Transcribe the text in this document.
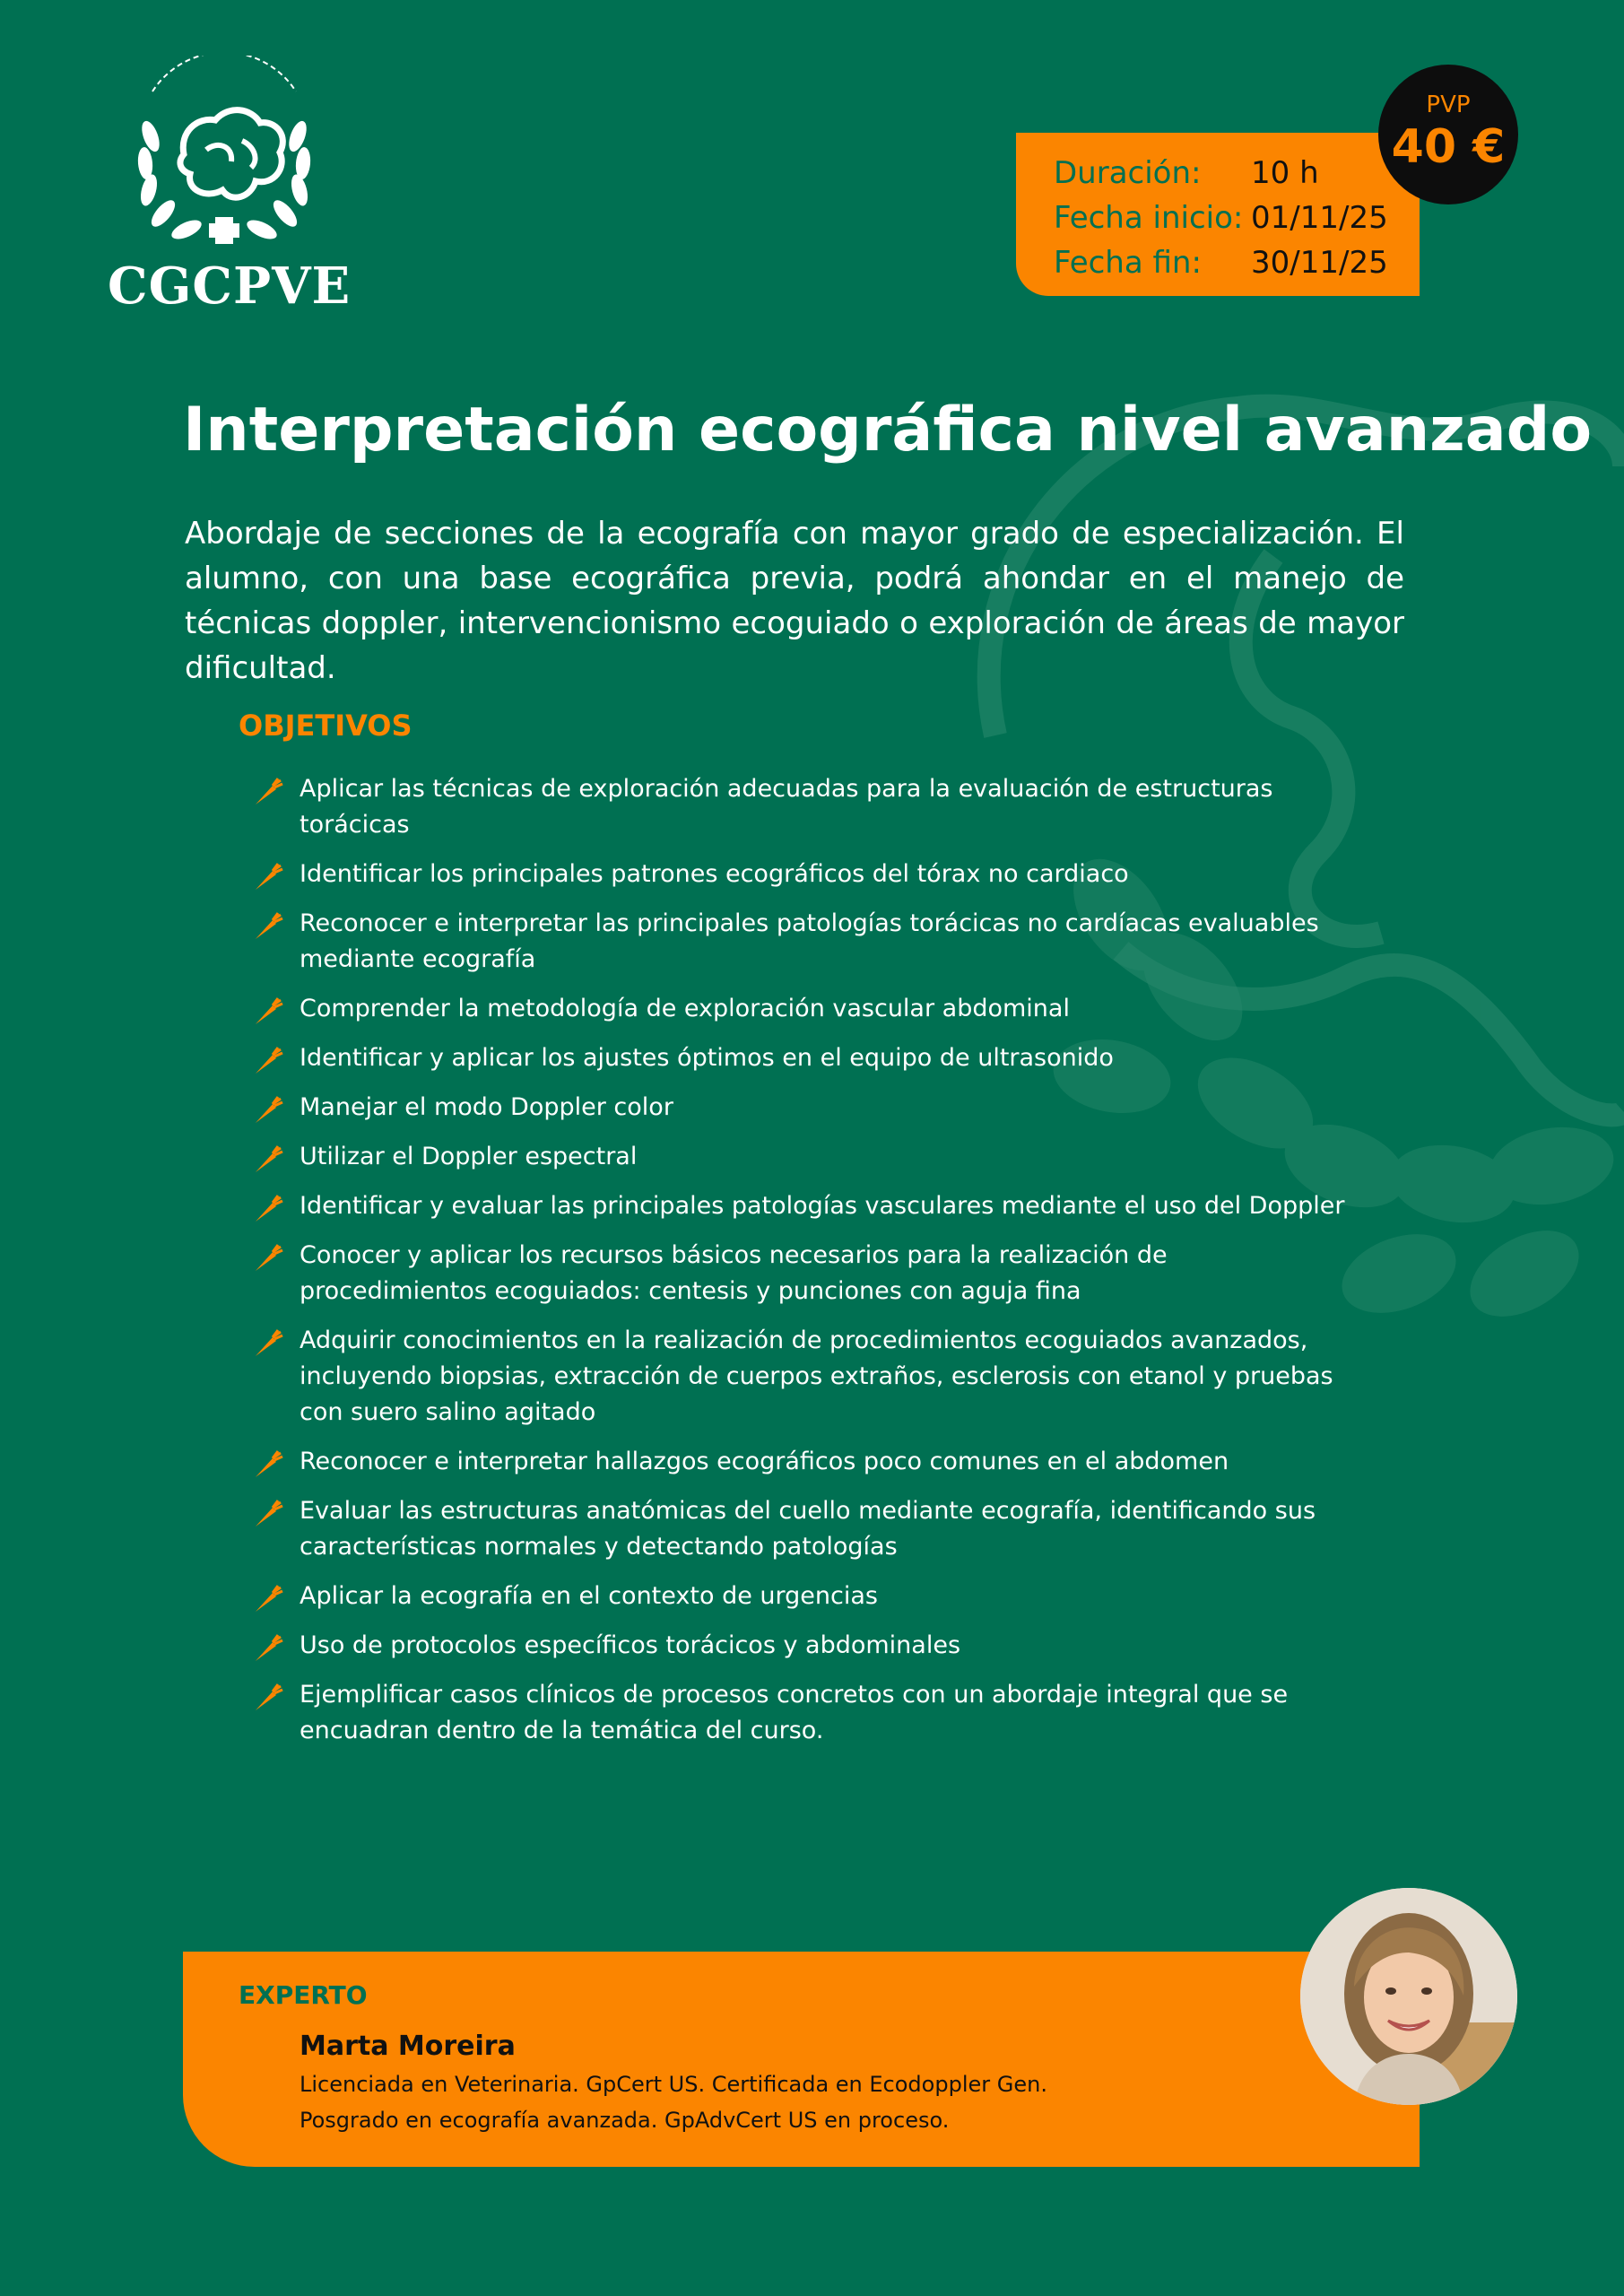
CGCPVE
Duración:	10 h
Fecha inicio: 01/11/25
Fecha fin:	30/11/25
PVP
40 €
Interpretación ecográfica nivel avanzado

Abordaje de secciones de la ecografía con mayor grado de especialización. El alumno, con una base ecográfica previa, podrá ahondar en el manejo de técnicas doppler, intervencionismo ecoguiado o exploración de áreas de mayor dificultad.

OBJETIVOS
Aplicar las técnicas de exploración adecuadas para la evaluación de estructuras torácicas
Identificar los principales patrones ecográficos del tórax no cardiaco
Reconocer e interpretar las principales patologías torácicas no cardíacas evaluables mediante ecografía
Comprender la metodología de exploración vascular abdominal
Identificar y aplicar los ajustes óptimos en el equipo de ultrasonido
Manejar el modo Doppler color
Utilizar el Doppler espectral
Identificar y evaluar las principales patologías vasculares mediante el uso del Doppler
Conocer y aplicar los recursos básicos necesarios para la realización de procedimientos ecoguiados: centesis y punciones con aguja fina
Adquirir conocimientos en la realización de procedimientos ecoguiados avanzados, incluyendo biopsias, extracción de cuerpos extraños, esclerosis con etanol y pruebas con suero salino agitado
Reconocer e interpretar hallazgos ecográficos poco comunes en el abdomen
Evaluar las estructuras anatómicas del cuello mediante ecografía, identificando sus características normales y detectando patologías
Aplicar la ecografía en el contexto de urgencias
Uso de protocolos específicos torácicos y abdominales
Ejemplificar casos clínicos de procesos concretos con un abordaje integral que se encuadran dentro de la temática del curso.
EXPERTO
Marta Moreira
Licenciada en Veterinaria. GpCert US. Certificada en Ecodoppler Gen.
Posgrado en ecografía avanzada. GpAdvCert US en proceso.
